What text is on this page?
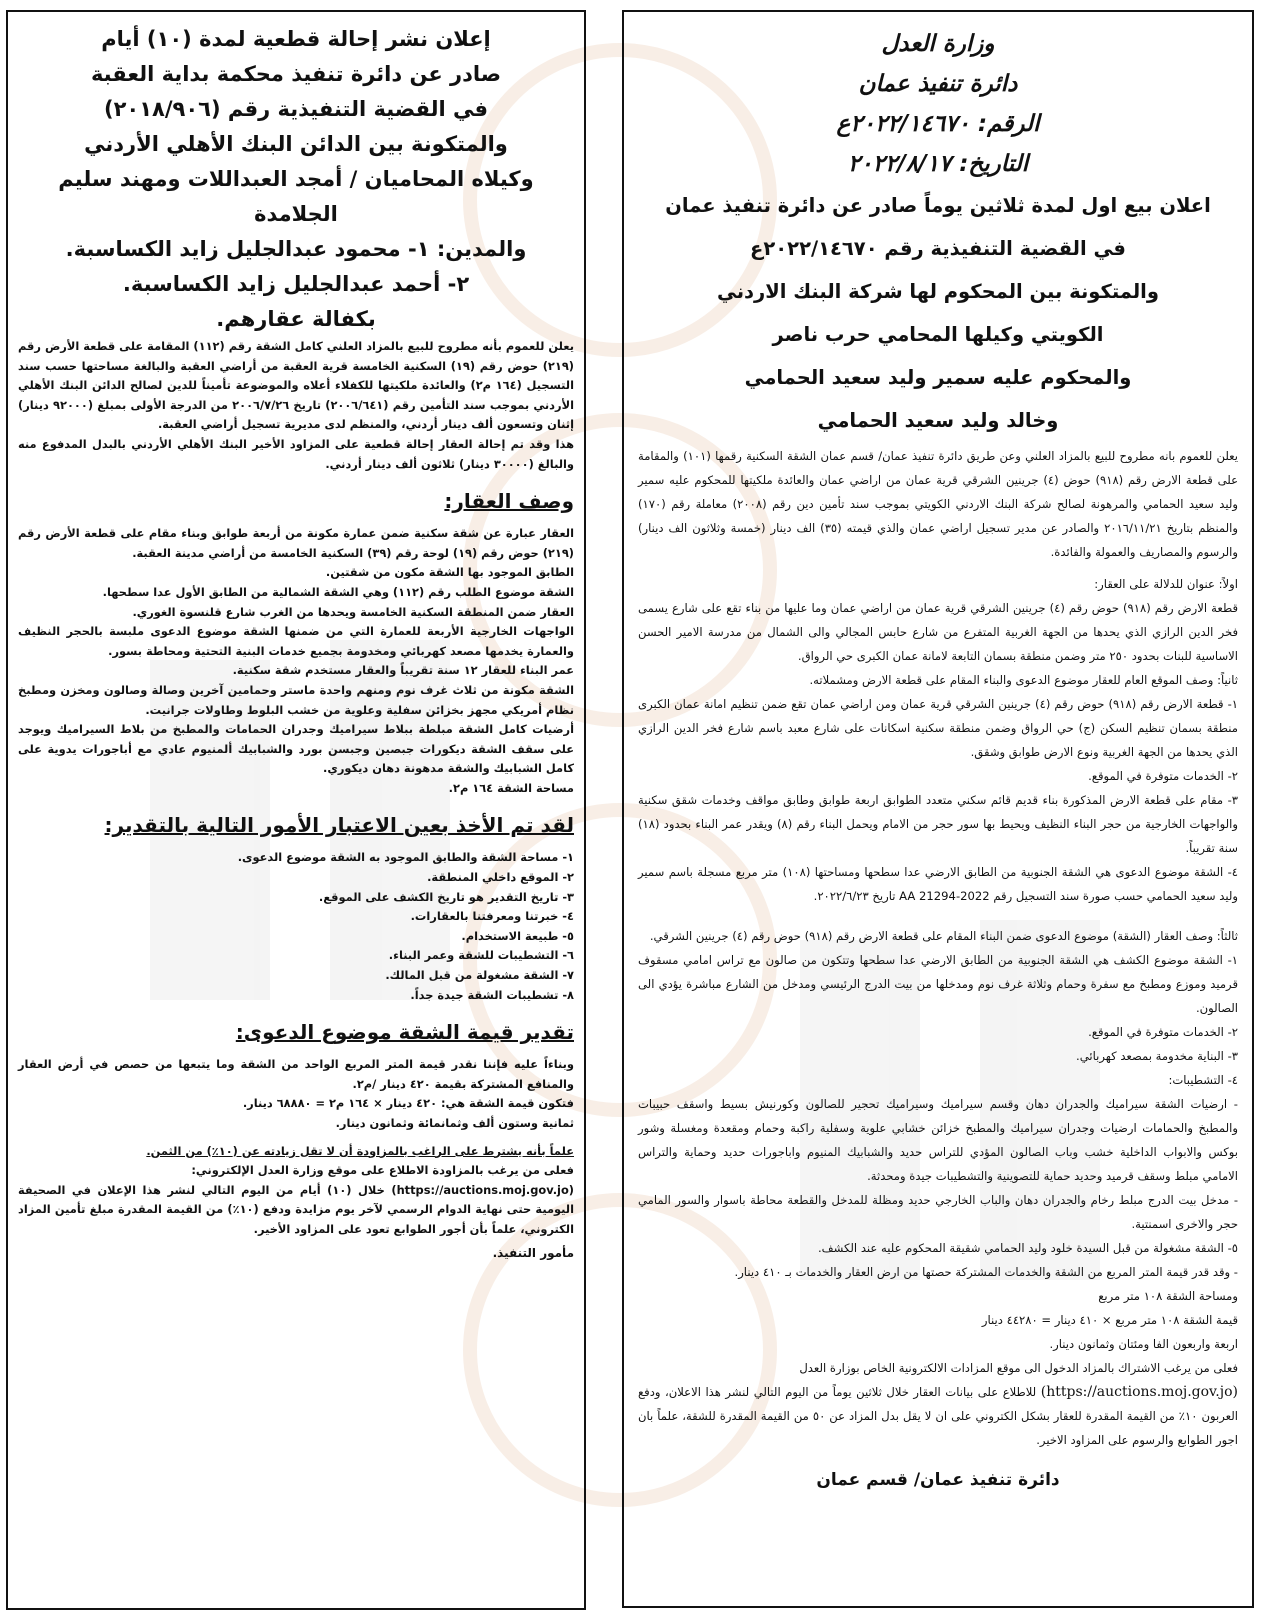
وزارة العدل

دائرة تنفيذ عمان

الرقم: ٢٠٢٢/١٤٦٧٠ع

التاريخ: ٢٠٢٢/٨/١٧

اعلان بيع اول لمدة ثلاثين يوماً صادر عن دائرة تنفيذ عمان

في القضية التنفيذية رقم ٢٠٢٢/١٤٦٧٠ع

والمتكونة بين المحكوم لها شركة البنك الاردني

الكويتي وكيلها المحامي حرب ناصر

والمحكوم عليه سمير وليد سعيد الحمامي

وخالد وليد سعيد الحمامي

يعلن للعموم بانه مطروح للبيع بالمزاد العلني وعن طريق دائرة تنفيذ عمان/ قسم عمان الشقة السكنية رقمها (١٠١) والمقامة على قطعة الارض رقم (٩١٨) حوض (٤) جرينين الشرقي قرية عمان من اراضي عمان والعائدة ملكيتها للمحكوم عليه سمير وليد سعيد الحمامي والمرهونة لصالح شركة البنك الاردني الكويتي بموجب سند تأمين دين رقم (٢٠٠٨) معاملة رقم (١٧٠) والمنظم بتاريخ ٢٠١٦/١١/٢١ والصادر عن مدير تسجيل اراضي عمان والذي قيمته (٣٥) الف دينار (خمسة وثلاثون الف دينار) والرسوم والمصاريف والعمولة والفائدة.

اولاً: عنوان للدلالة على العقار:

قطعة الارض رقم (٩١٨) حوض رقم (٤) جرينين الشرقي قرية عمان من اراضي عمان وما عليها من بناء تقع على شارع يسمى فخر الدين الرازي الذي يحدها من الجهة الغربية المتفرع من شارع حابس المجالي والى الشمال من مدرسة الامير الحسن الاساسية للبنات بحدود ٢٥٠ متر وضمن منطقة بسمان التابعة لامانة عمان الكبرى حي الرواق.

ثانياً: وصف الموقع العام للعقار موضوع الدعوى والبناء المقام على قطعة الارض ومشملاته.

١- قطعة الارض رقم (٩١٨) حوض رقم (٤) جرينين الشرقي قرية عمان ومن اراضي عمان تقع ضمن تنظيم امانة عمان الكبرى منطقة بسمان تنظيم السكن (ج) حي الرواق وضمن منطقة سكنية اسكانات على شارع معبد باسم شارع فخر الدين الرازي الذي يحدها من الجهة الغربية ونوع الارض طوابق وشقق.

٢- الخدمات متوفرة في الموقع.

٣- مقام على قطعة الارض المذكورة بناء قديم قائم سكني متعدد الطوابق اربعة طوابق وطابق مواقف وخدمات شقق سكنية والواجهات الخارجية من حجر البناء النظيف ويحيط بها سور حجر من الامام ويحمل البناء رقم (٨) ويقدر عمر البناء بحدود (١٨) سنة تقريباً.

٤- الشقة موضوع الدعوى هي الشقة الجنوبية من الطابق الارضي عدا سطحها ومساحتها (١٠٨) متر مربع مسجلة باسم سمير وليد سعيد الحمامي حسب صورة سند التسجيل رقم 2022-AA 21294 تاريخ ٢٠٢٢/٦/٢٣.

ثالثاً: وصف العقار (الشقة) موضوع الدعوى ضمن البناء المقام على قطعة الارض رقم (٩١٨) حوض رقم (٤) جرينين الشرقي.

١- الشقة موضوع الكشف هي الشقة الجنوبية من الطابق الارضي عدا سطحها وتتكون من صالون مع تراس امامي مسقوف قرميد وموزع ومطبخ مع سفرة وحمام وثلاثة غرف نوم ومدخلها من بيت الدرج الرئيسي ومدخل من الشارع مباشرة يؤدي الى الصالون.

٢- الخدمات متوفرة في الموقع.

٣- البناية مخدومة بمصعد كهربائي.

٤- التشطيبات:

- ارضيات الشقة سيراميك والجدران دهان وقسم سيراميك وسيراميك تحجير للصالون وكورنيش بسيط واسقف حبيبات والمطبخ والحمامات ارضيات وجدران سيراميك والمطبخ خزائن خشابي علوية وسفلية راكبة وحمام ومقعدة ومغسلة وشور بوكس والابواب الداخلية خشب وباب الصالون المؤدي للتراس حديد والشبابيك المنيوم واباجورات حديد وحماية والتراس الامامي مبلط وسقف قرميد وحديد حماية للتصوينية والتشطيبات جيدة ومحدثة.

- مدخل بيت الدرج مبلط رخام والجدران دهان والباب الخارجي حديد ومظلة للمدخل والقطعة محاطة باسوار والسور المامي حجر والاخرى اسمنتية.

٥- الشقة مشغولة من قبل السيدة خلود وليد الحمامي شقيقة المحكوم عليه عند الكشف.

- وقد قدر قيمة المتر المربع من الشقة والخدمات المشتركة حصتها من ارض العقار والخدمات بـ ٤١٠ دينار.

ومساحة الشقة ١٠٨ متر مربع

قيمة الشقة ١٠٨ متر مربع × ٤١٠ دينار = ٤٤٢٨٠ دينار

اربعة واربعون الفا ومئتان وثمانون دينار.

فعلى من يرغب الاشتراك بالمزاد الدخول الى موقع المزادات الالكترونية الخاص بوزارة العدل

(https://auctions.moj.gov.jo) للاطلاع على بيانات العقار خلال ثلاثين يوماً من اليوم التالي لنشر هذا الاعلان، ودفع العربون ١٠٪ من القيمة المقدرة للعقار بشكل الكتروني على ان لا يقل بدل المزاد عن ٥٠ من القيمة المقدرة للشقة، علماً بان اجور الطوابع والرسوم على المزاود الاخير.

دائرة تنفيذ عمان/ قسم عمان

إعلان نشر إحالة قطعية لمدة (١٠) أيام

صادر عن دائرة تنفيذ محكمة بداية العقبة

في القضية التنفيذية رقم (٢٠١٨/٩٠٦)

والمتكونة بين الدائن البنك الأهلي الأردني

وكيلاه المحاميان / أمجد العبداللات ومهند سليم الجلامدة

والمدين: ١- محمود عبدالجليل زايد الكساسبة.

٢- أحمد عبدالجليل زايد الكساسبة.

بكفالة عقارهم.

يعلن للعموم بأنه مطروح للبيع بالمزاد العلني كامل الشقة رقم (١١٢) المقامة على قطعة الأرض رقم (٢١٩) حوض رقم (١٩) السكنية الخامسة قرية العقبة من أراضي العقبة والبالغة مساحتها حسب سند التسجيل (١٦٤ م٢) والعائدة ملكيتها للكفلاء أعلاه والموضوعة تأميناً للدين لصالح الدائن البنك الأهلي الأردني بموجب سند التأمين رقم (٢٠٠٦/٦٤١) تاريخ ٢٠٠٦/٧/٢٦ من الدرجة الأولى بمبلغ (٩٢٠٠٠ دينار) إثنان وتسعون ألف دينار أردني، والمنظم لدى مديرية تسجيل أراضي العقبة.

هذا وقد تم إحالة العقار إحالة قطعية على المزاود الأخير البنك الأهلي الأردني بالبدل المدفوع منه والبالغ (٣٠٠٠٠ دينار) ثلاثون ألف دينار أردني.

وصف العقار:

العقار عبارة عن شقة سكنية ضمن عمارة مكونة من أربعة طوابق وبناء مقام على قطعة الأرض رقم (٢١٩) حوض رقم (١٩) لوحة رقم (٣٩) السكنية الخامسة من أراضي مدينة العقبة.

الطابق الموجود بها الشقة مكون من شقتين.

الشقة موضوع الطلب رقم (١١٢) وهي الشقة الشمالية من الطابق الأول عدا سطحها.

العقار ضمن المنطقة السكنية الخامسة ويحدها من الغرب شارع قلنسوة الغوري.

الواجهات الخارجية الأربعة للعمارة التي من ضمنها الشقة موضوع الدعوى ملبسة بالحجر النظيف والعمارة يخدمها مصعد كهربائي ومخدومة بجميع خدمات البنية التحتية ومحاطة بسور.

عمر البناء للعقار ١٢ سنة تقريباً والعقار مستخدم شقة سكنية.

الشقة مكونة من ثلاث غرف نوم ومنهم واحدة ماستر وحمامين آخرين وصالة وصالون ومخزن ومطبخ نظام أمريكي مجهز بخزائن سفلية وعلوية من خشب البلوط وطاولات جرانيت.

أرضيات كامل الشقة مبلطة ببلاط سيراميك وجدران الحمامات والمطبخ من بلاط السيراميك ويوجد على سقف الشقة ديكورات جبصين وجبسن بورد والشبابيك ألمنيوم عادي مع أباجورات يدوية على كامل الشبابيك والشقة مدهونة دهان ديكوري.

مساحة الشقة ١٦٤ م٢.

لقد تم الأخذ بعين الاعتبار الأمور التالية بالتقدير:

١- مساحة الشقة والطابق الموجود به الشقة موضوع الدعوى.

٢- الموقع داخلي المنطقة.

٣- تاريخ التقدير هو تاريخ الكشف على الموقع.

٤- خبرتنا ومعرفتنا بالعقارات.

٥- طبيعة الاستخدام.

٦- التشطيبات للشقة وعمر البناء.

٧- الشقة مشغولة من قبل المالك.

٨- تشطيبات الشقة جيدة جداً.

تقدير قيمة الشقة موضوع الدعوى:

وبناءاً عليه فإننا نقدر قيمة المتر المربع الواحد من الشقة وما يتبعها من حصص في أرض العقار والمنافع المشتركة بقيمة ٤٢٠ دينار /م٢.

فتكون قيمة الشقة هي: ٤٢٠ دينار × ١٦٤ م٢ = ٦٨٨٨٠ دينار.

ثمانية وستون ألف وثمانمائة وثمانون دينار.

علماً بأنه يشترط على الراغب بالمزاودة أن لا تقل زيادته عن (١٠٪) من الثمن.

فعلى من يرغب بالمزاودة الاطلاع على موقع وزارة العدل الإلكتروني:

(https://auctions.moj.gov.jo) خلال (١٠) أيام من اليوم التالي لنشر هذا الإعلان في الصحيفة اليومية حتى نهاية الدوام الرسمي لآخر يوم مزايدة ودفع (١٠٪) من القيمة المقدرة مبلغ تأمين المزاد الكتروني، علماً بأن أجور الطوابع تعود على المزاود الأخير.

مأمور التنفيذ.
